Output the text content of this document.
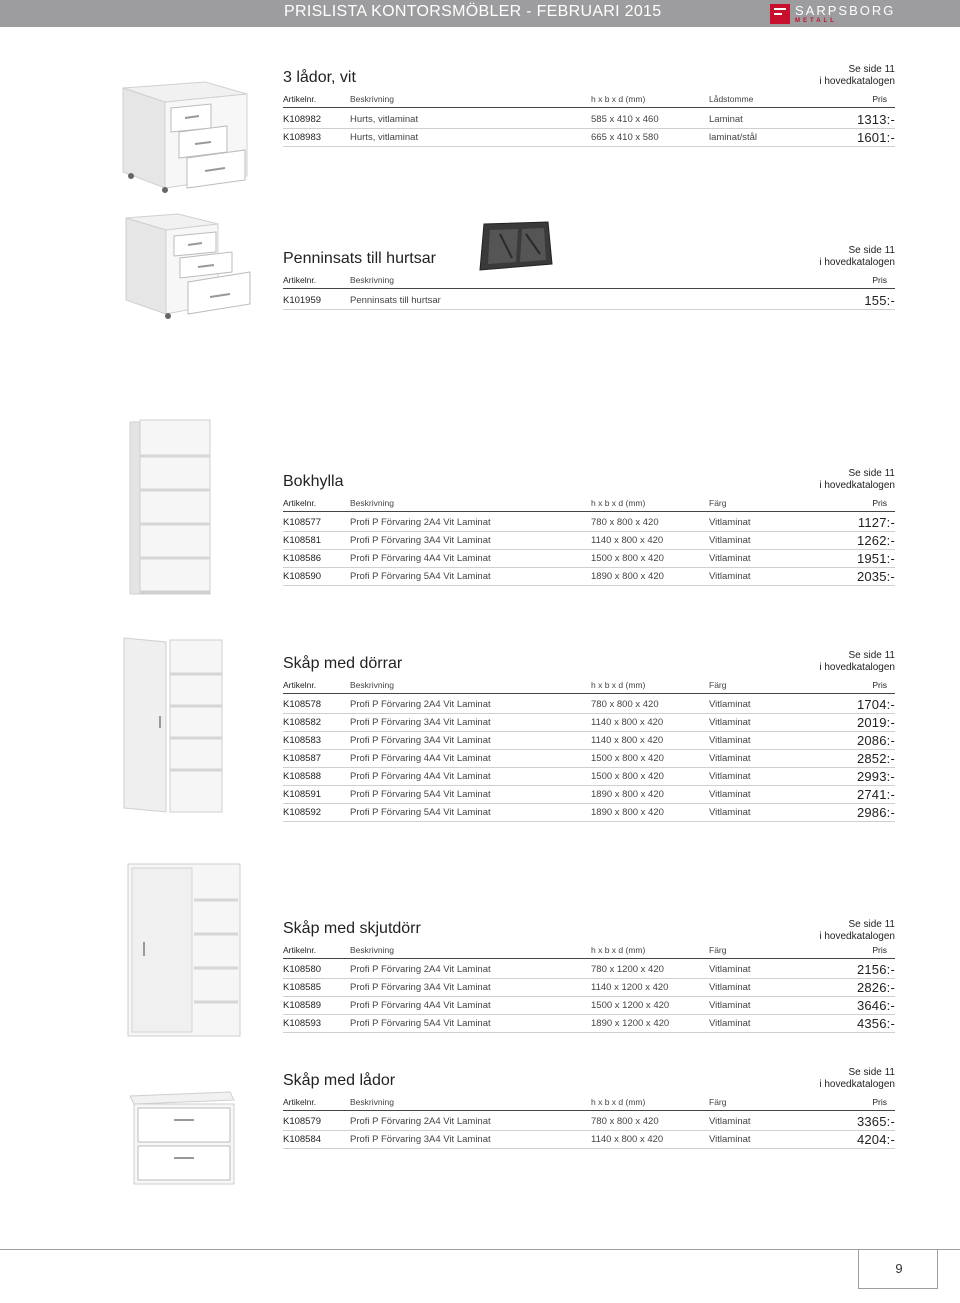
PRISLISTA KONTORSMÖBLER - FEBRUARI 2015	SARPSBORG
METALL
3 lådor, vit	Se side 11
i hovedkatalogen
Artikelnr.	Beskrivning	h x b x d (mm)	Lådstomme	Pris
K108982	Hurts, vitlaminat	585 x 410 x 460	Laminat	1313:-
K108983	Hurts, vitlaminat	665 x 410 x 580	laminat/stål	1601:-
Penninsats till hurtsar	Se side 11
i hovedkatalogen
Artikelnr.	Beskrivning	Pris
K101959	Penninsats till hurtsar	155:-
Bokhylla	Se side 11
i hovedkatalogen
Artikelnr.	Beskrivning	h x b x d (mm)	Färg	Pris
K108577	Profi P Förvaring 2A4 Vit Laminat	780 x 800 x 420	Vitlaminat	1127:-
K108581	Profi P Förvaring 3A4 Vit Laminat	1140 x 800 x 420	Vitlaminat	1262:-
K108586	Profi P Förvaring 4A4 Vit Laminat	1500 x 800 x 420	Vitlaminat	1951:-
K108590	Profi P Förvaring 5A4 Vit Laminat	1890 x 800 x 420	Vitlaminat	2035:-
Skåp med dörrar	Se side 11
i hovedkatalogen
Artikelnr.	Beskrivning	h x b x d (mm)	Färg	Pris
K108578	Profi P Förvaring 2A4 Vit Laminat	780 x 800 x 420	Vitlaminat	1704:-
K108582	Profi P Förvaring 3A4 Vit Laminat	1140 x 800 x 420	Vitlaminat	2019:-
K108583	Profi P Förvaring 3A4 Vit Laminat	1140 x 800 x 420	Vitlaminat	2086:-
K108587	Profi P Förvaring 4A4 Vit Laminat	1500 x 800 x 420	Vitlaminat	2852:-
K108588	Profi P Förvaring 4A4 Vit Laminat	1500 x 800 x 420	Vitlaminat	2993:-
K108591	Profi P Förvaring 5A4 Vit Laminat	1890 x 800 x 420	Vitlaminat	2741:-
K108592	Profi P Förvaring 5A4 Vit Laminat	1890 x 800 x 420	Vitlaminat	2986:-
Skåp med skjutdörr	Se side 11
i hovedkatalogen
Artikelnr.	Beskrivning	h x b x d (mm)	Färg	Pris
K108580	Profi P Förvaring 2A4 Vit Laminat	780 x 1200 x 420	Vitlaminat	2156:-
K108585	Profi P Förvaring 3A4 Vit Laminat	1140 x 1200 x 420	Vitlaminat	2826:-
K108589	Profi P Förvaring 4A4 Vit Laminat	1500 x 1200 x 420	Vitlaminat	3646:-
K108593	Profi P Förvaring 5A4 Vit Laminat	1890 x 1200 x 420	Vitlaminat	4356:-
Skåp med lådor	Se side 11
i hovedkatalogen
Artikelnr.	Beskrivning	h x b x d (mm)	Färg	Pris
K108579	Profi P Förvaring 2A4 Vit Laminat	780 x 800 x 420	Vitlaminat	3365:-
K108584	Profi P Förvaring 3A4 Vit Laminat	1140 x 800 x 420	Vitlaminat	4204:-
9
